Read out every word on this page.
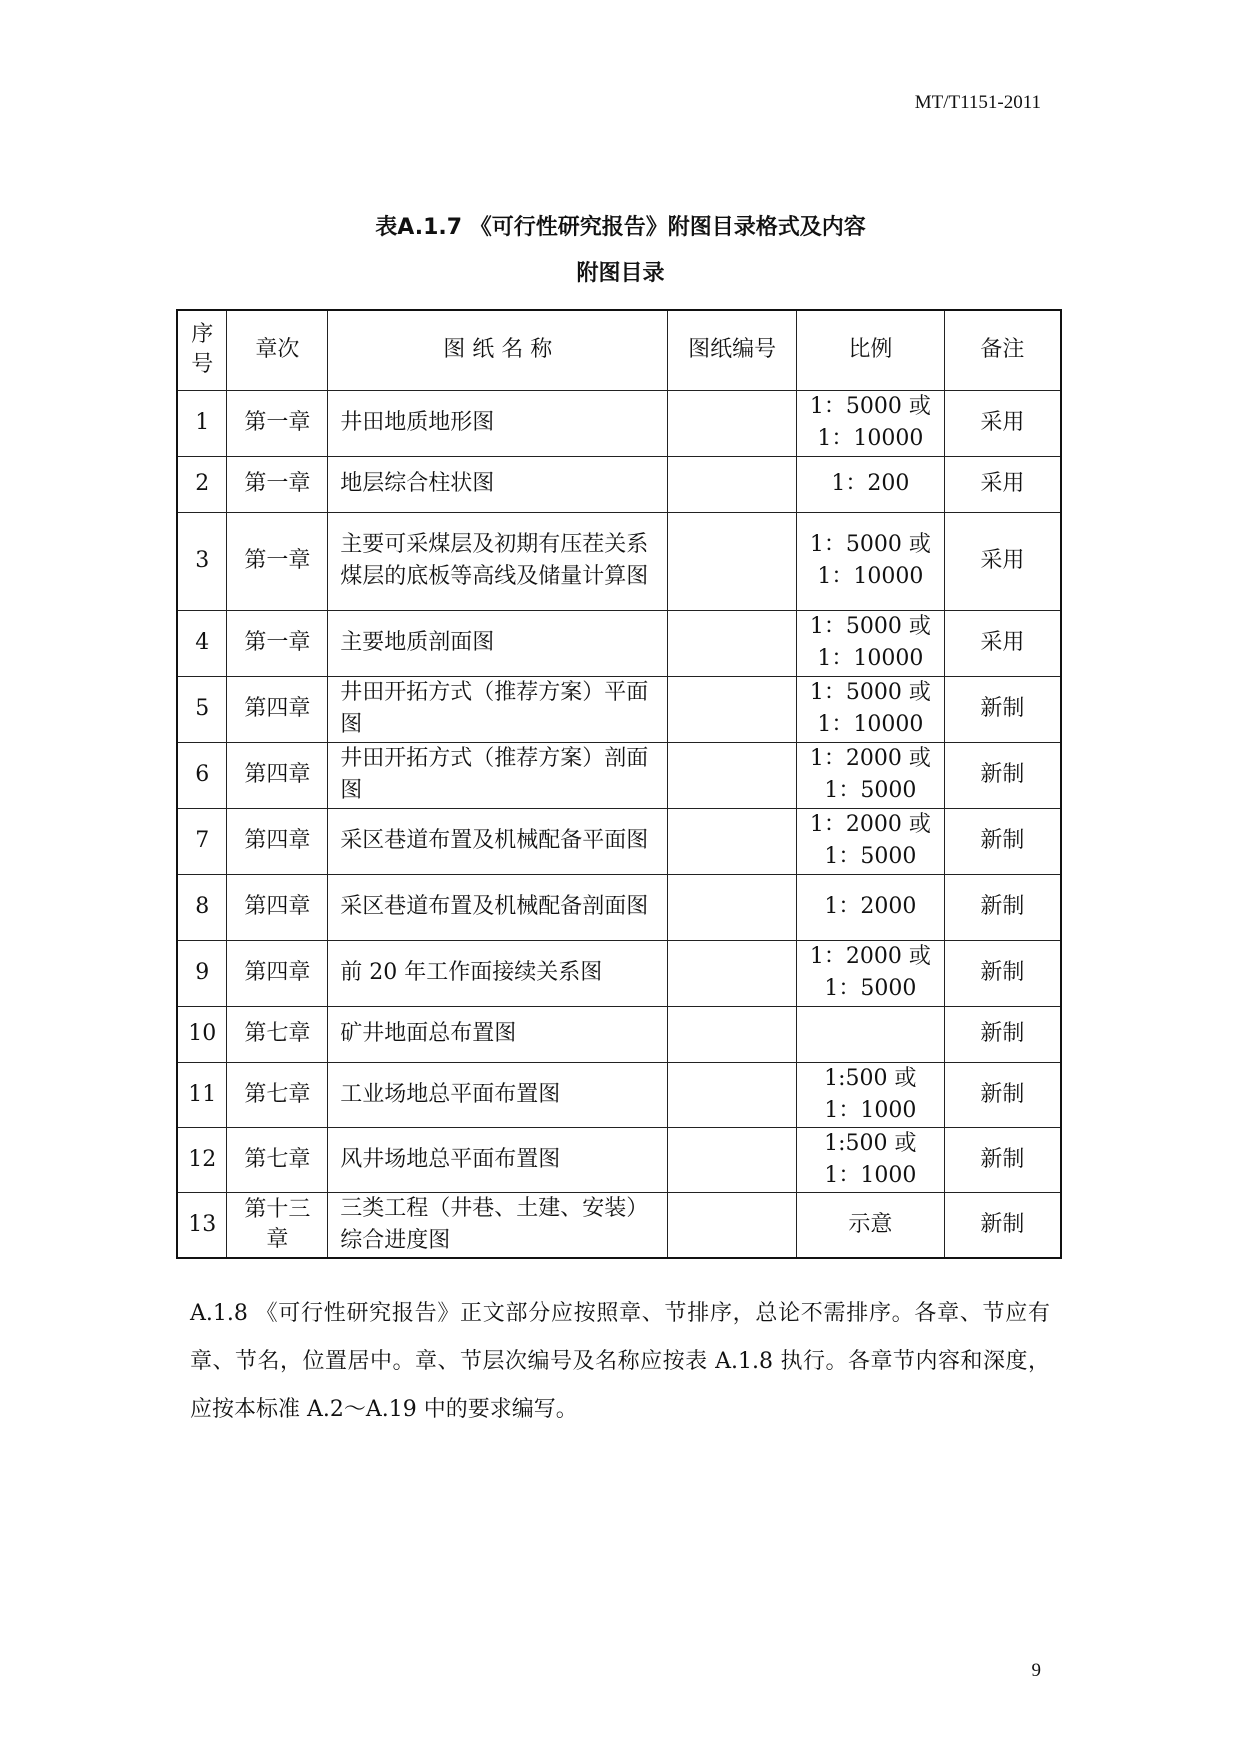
MT/T1151-2011
表A.1.7 《可行性研究报告》附图目录格式及内容
附图目录
序号	章次	图 纸 名 称	图纸编号	比例	备注
1	第一章	井田地质地形图		1：5000 或 1：10000	采用
2	第一章	地层综合柱状图		1：200	采用
3	第一章	主要可采煤层及初期有压茬关系煤层的底板等高线及储量计算图		1：5000 或 1：10000	采用
4	第一章	主要地质剖面图		1：5000 或 1：10000	采用
5	第四章	井田开拓方式（推荐方案）平面图		1：5000 或 1：10000	新制
6	第四章	井田开拓方式（推荐方案）剖面图		1：2000 或 1：5000	新制
7	第四章	采区巷道布置及机械配备平面图		1：2000 或 1：5000	新制
8	第四章	采区巷道布置及机械配备剖面图		1：2000	新制
9	第四章	前 20 年工作面接续关系图		1：2000 或 1：5000	新制
10	第七章	矿井地面总布置图			新制
11	第七章	工业场地总平面布置图		1:500 或 1：1000	新制
12	第七章	风井场地总平面布置图		1:500 或 1：1000	新制
13	第十三章	三类工程（井巷、土建、安装）综合进度图		示意	新制
A.1.8 《可行性研究报告》正文部分应按照章、节排序，总论不需排序。各章、节应有章、节名，位置居中。章、节层次编号及名称应按表 A.1.8 执行。各章节内容和深度，应按本标准 A.2～A.19 中的要求编写。
9
